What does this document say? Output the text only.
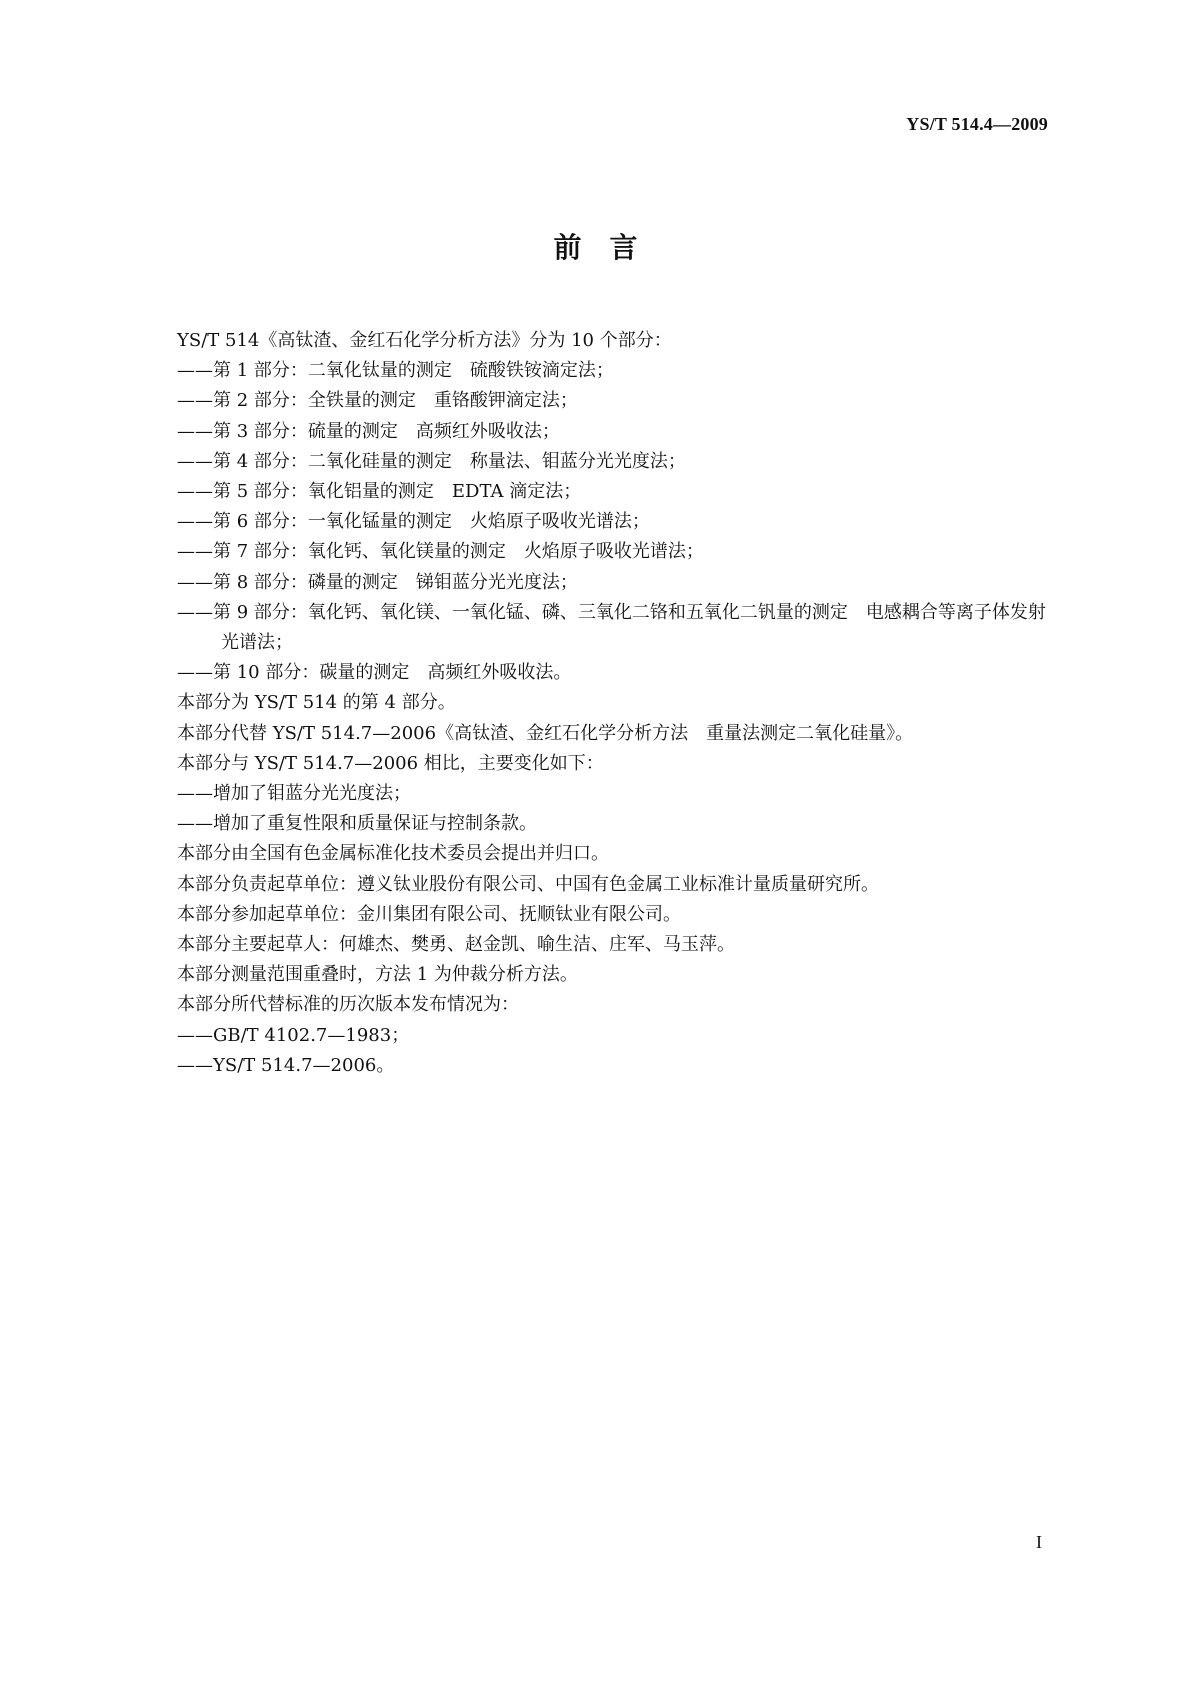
YS/T 514.4—2009
前　言
YS/T 514《高钛渣、金红石化学分析方法》分为 10 个部分：
——第 1 部分：二氧化钛量的测定　硫酸铁铵滴定法；
——第 2 部分：全铁量的测定　重铬酸钾滴定法；
——第 3 部分：硫量的测定　高频红外吸收法；
——第 4 部分：二氧化硅量的测定　称量法、钼蓝分光光度法；
——第 5 部分：氧化铝量的测定　EDTA 滴定法；
——第 6 部分：一氧化锰量的测定　火焰原子吸收光谱法；
——第 7 部分：氧化钙、氧化镁量的测定　火焰原子吸收光谱法；
——第 8 部分：磷量的测定　锑钼蓝分光光度法；
——第 9 部分：氧化钙、氧化镁、一氧化锰、磷、三氧化二铬和五氧化二钒量的测定　电感耦合等离子体发射光谱法；
——第 10 部分：碳量的测定　高频红外吸收法。
本部分为 YS/T 514 的第 4 部分。
本部分代替 YS/T 514.7—2006《高钛渣、金红石化学分析方法　重量法测定二氧化硅量》。
本部分与 YS/T 514.7—2006 相比，主要变化如下：
——增加了钼蓝分光光度法；
——增加了重复性限和质量保证与控制条款。
本部分由全国有色金属标准化技术委员会提出并归口。
本部分负责起草单位：遵义钛业股份有限公司、中国有色金属工业标准计量质量研究所。
本部分参加起草单位：金川集团有限公司、抚顺钛业有限公司。
本部分主要起草人：何雄杰、樊勇、赵金凯、喻生洁、庄军、马玉萍。
本部分测量范围重叠时，方法 1 为仲裁分析方法。
本部分所代替标准的历次版本发布情况为：
——GB/T 4102.7—1983；
——YS/T 514.7—2006。
I
